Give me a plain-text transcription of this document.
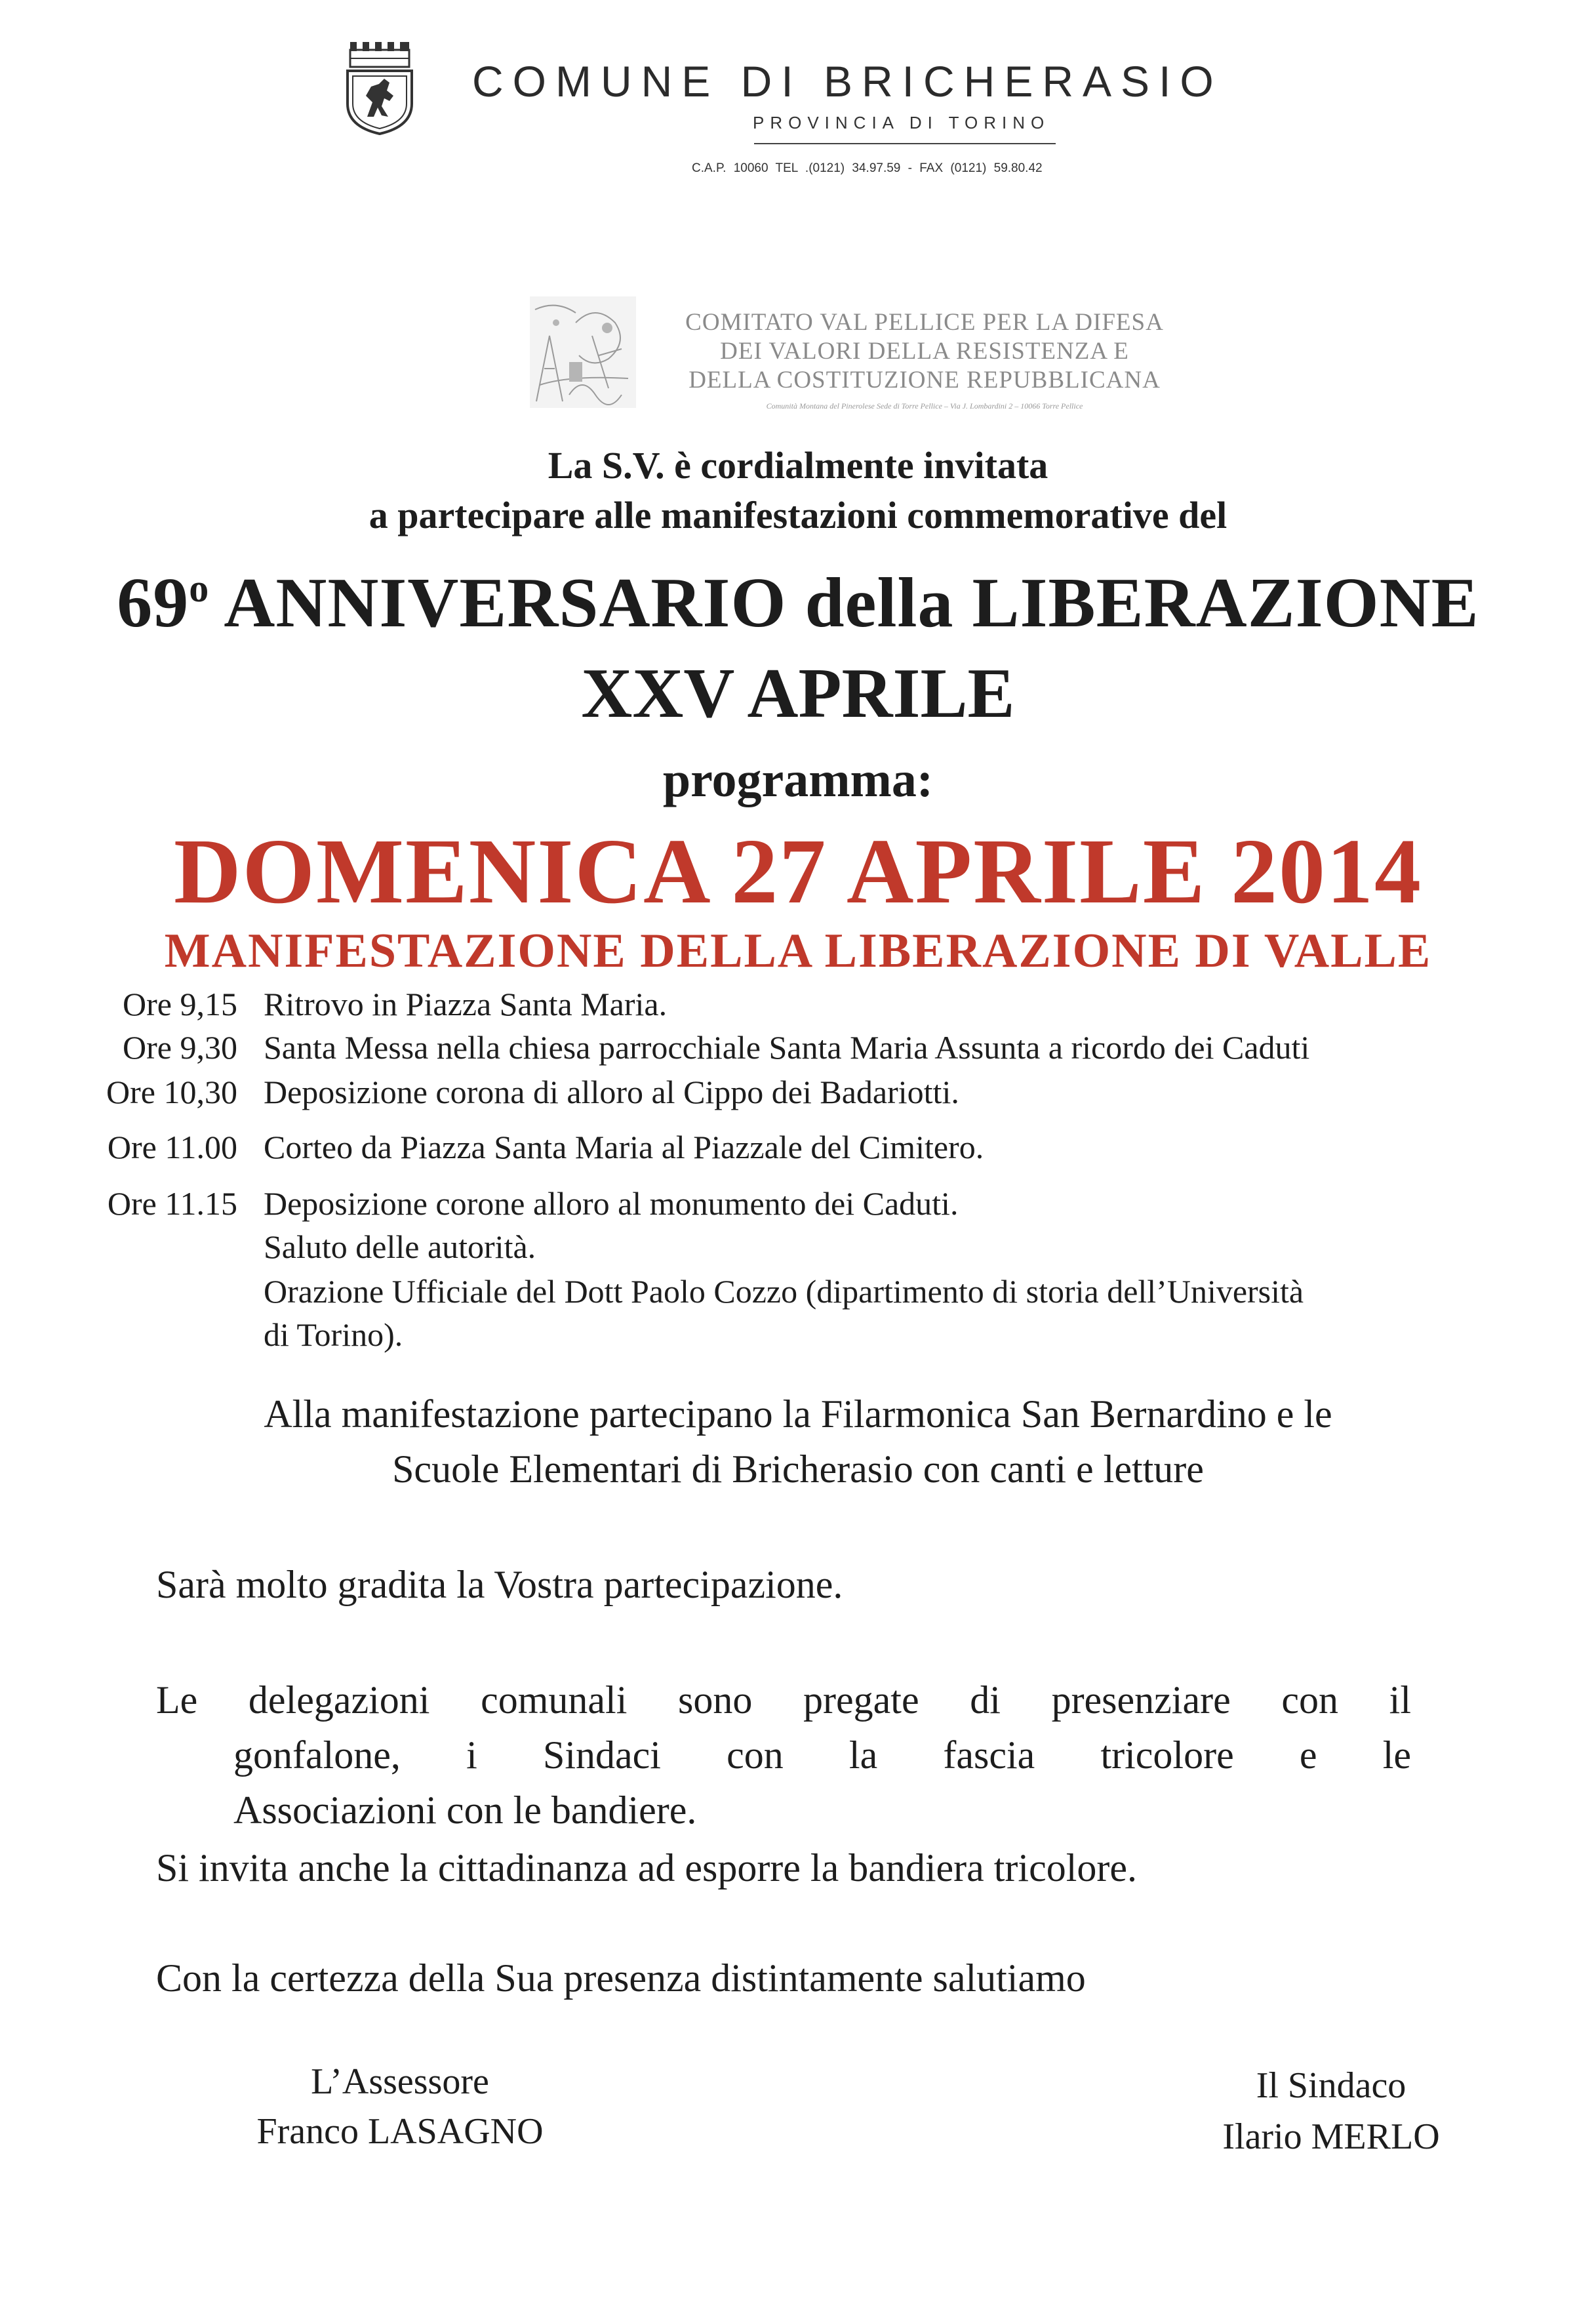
COMUNE DI BRICHERASIO
PROVINCIA DI TORINO
C.A.P. 10060 TEL .(0121) 34.97.59 - FAX (0121) 59.80.42
COMITATO VAL PELLICE PER LA DIFESA
DEI VALORI DELLA RESISTENZA E
DELLA COSTITUZIONE REPUBBLICANA
Comunità Montana del Pinerolese Sede di Torre Pellice – Via J. Lombardini 2 – 10066 Torre Pellice
La S.V. è cordialmente invitata
a partecipare alle manifestazioni commemorative del
69$^o$ ANNIVERSARIO della LIBERAZIONE
XXV APRILE
programma:
DOMENICA 27 APRILE 2014
MANIFESTAZIONE DELLA LIBERAZIONE DI VALLE
Ore 9,15 Ritrovo in Piazza Santa Maria.
Ore 9,30 Santa Messa nella chiesa parrocchiale Santa Maria Assunta a ricordo dei Caduti
Ore 10,30 Deposizione corona di alloro al Cippo dei Badariotti.
Ore 11.00 Corteo da Piazza Santa Maria al Piazzale del Cimitero.
Ore 11.15 Deposizione corone alloro al monumento dei Caduti.
Saluto delle autorità.
Orazione Ufficiale del Dott Paolo Cozzo (dipartimento di storia dell’Università
di Torino).
Alla manifestazione partecipano la Filarmonica San Bernardino e le
Scuole Elementari di Bricherasio con canti e letture
Sarà molto gradita la Vostra partecipazione.
Le delegazioni comunali sono pregate di presenziare con il
gonfalone, i Sindaci con la fascia tricolore e le
Associazioni con le bandiere.
Si invita anche la cittadinanza ad esporre la bandiera tricolore.
Con la certezza della Sua presenza distintamente salutiamo
L’Assessore
Franco LASAGNO
Il Sindaco
Ilario MERLO
